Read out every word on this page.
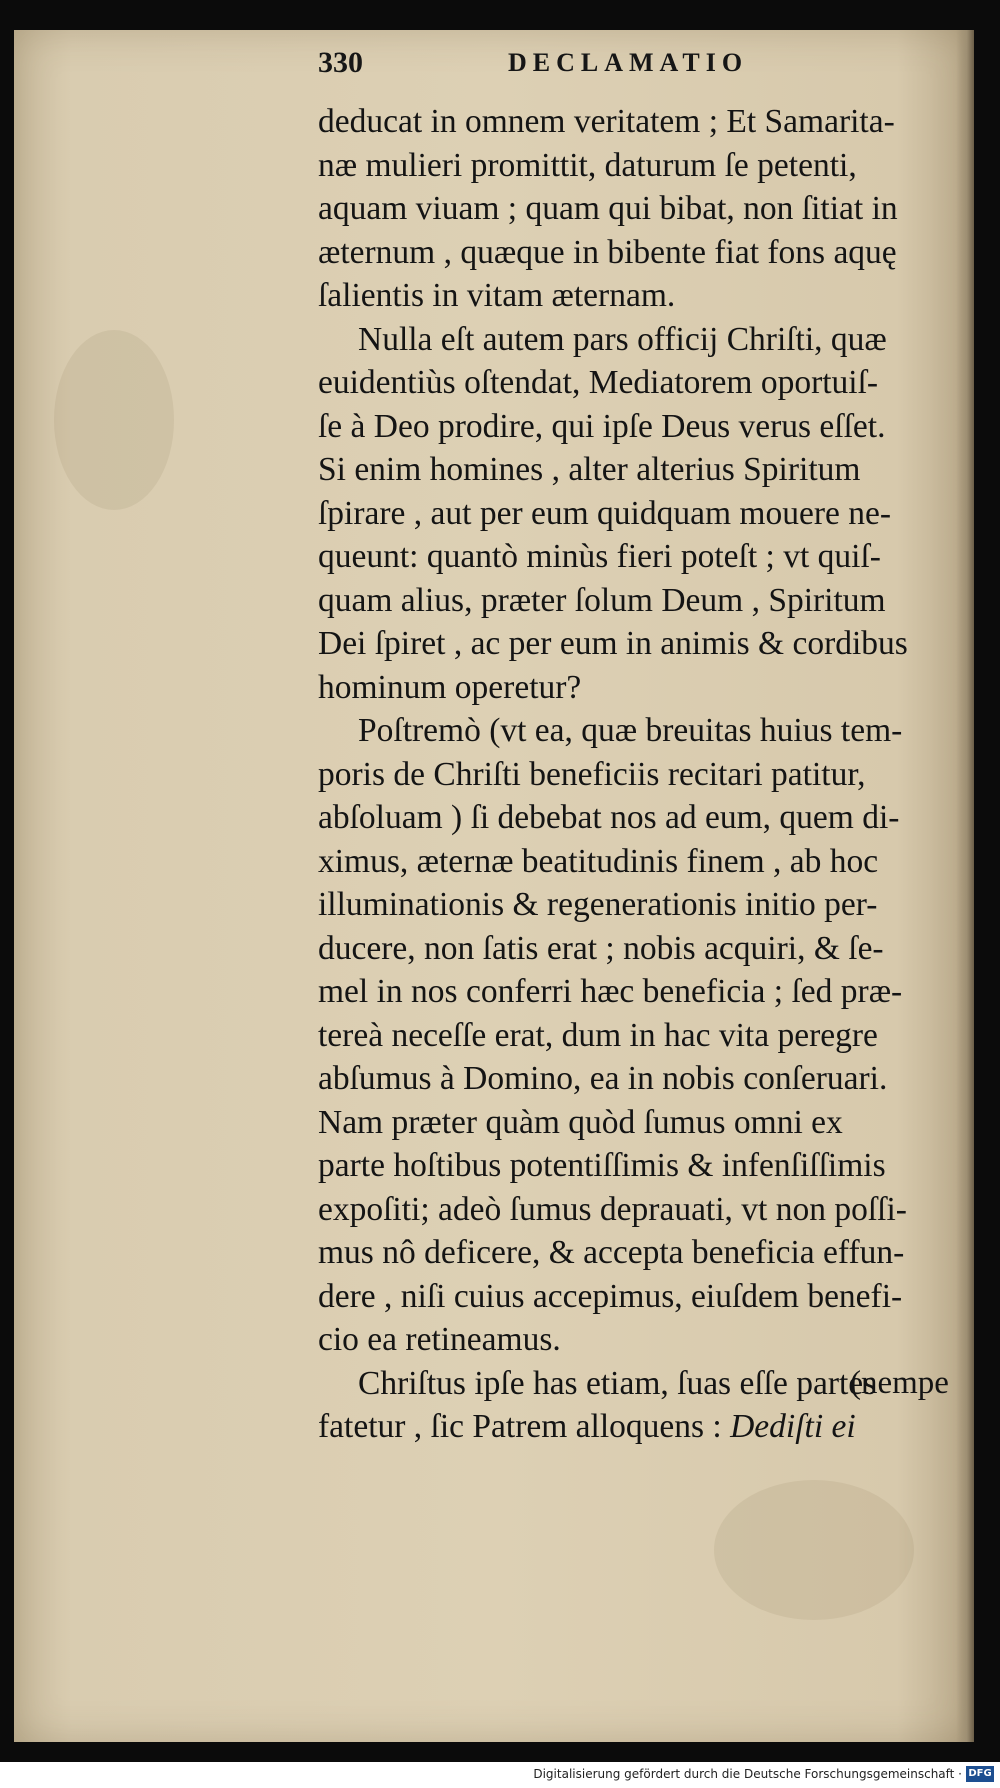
330	DECLAMATIO
deducat in omnem veritatem ; Et Samarita-
næ mulieri promittit, daturum ſe petenti,
aquam viuam ; quam qui bibat, non ſitiat in
æternum , quæque in bibente fiat fons aquę
ſalientis in vitam æternam.
Nulla eſt autem pars officij Chriſti, quæ
euidentiùs oſtendat, Mediatorem oportuiſ-
ſe à Deo prodire, qui ipſe Deus verus eſſet.
Si enim homines , alter alterius Spiritum
ſpirare , aut per eum quidquam mouere ne-
queunt: quantò minùs fieri poteſt ; vt quiſ-
quam alius, præter ſolum Deum , Spiritum
Dei ſpiret , ac per eum in animis & cordibus
hominum operetur?
Poſtremò (vt ea, quæ breuitas huius tem-
poris de Chriſti beneficiis recitari patitur,
abſoluam ) ſi debebat nos ad eum, quem di-
ximus, æternæ beatitudinis finem , ab hoc
illuminationis & regenerationis initio per-
ducere, non ſatis erat ; nobis acquiri, & ſe-
mel in nos conferri hæc beneficia ; ſed præ-
tereà neceſſe erat, dum in hac vita peregre
abſumus à Domino, ea in nobis conſeruari.
Nam præter quàm quòd ſumus omni ex
parte hoſtibus potentiſſimis & infenſiſſimis
expoſiti; adeò ſumus deprauati, vt non poſſi-
mus nô deficere, & accepta beneficia effun-
dere , niſi cuius accepimus, eiuſdem benefi-
cio ea retineamus.
Chriſtus ipſe has etiam, ſuas eſſe partes
fatetur , ſic Patrem alloquens : Dediſti ei
(nempe
Digitalisierung gefördert durch die Deutsche Forschungsgemeinschaft · DFG
